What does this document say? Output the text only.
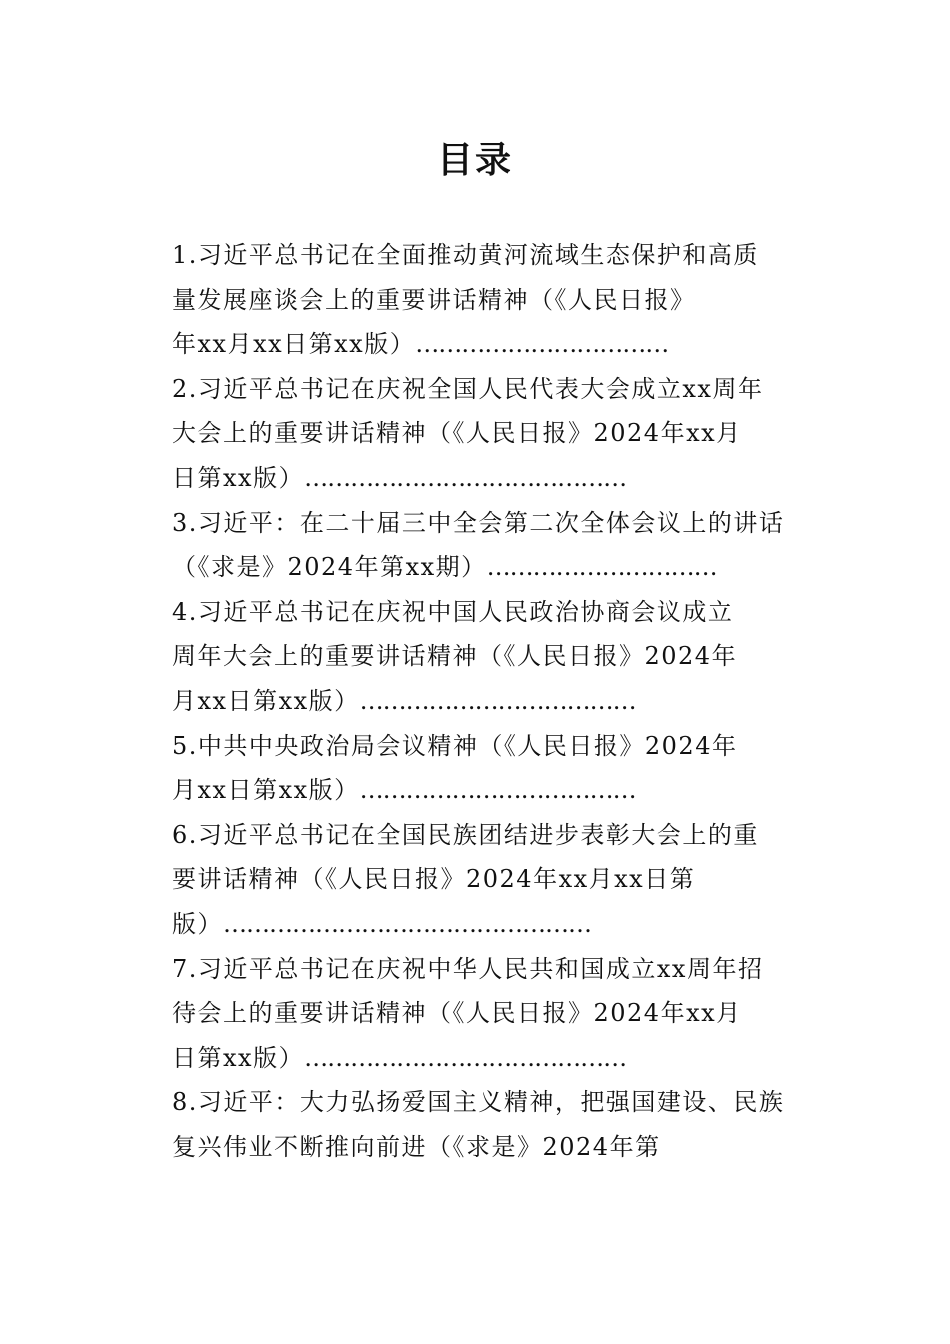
目录
1.习近平总书记在全面推动黄河流域生态保护和高质
量发展座谈会上的重要讲话精神（《人民日报》
年xx月xx日第xx版）……………………………
2.习近平总书记在庆祝全国人民代表大会成立xx周年
大会上的重要讲话精神（《人民日报》2024年xx月
日第xx版）……………………………………
3.习近平：在二十届三中全会第二次全体会议上的讲话
（《求是》2024年第xx期）…………………………
4.习近平总书记在庆祝中国人民政治协商会议成立
周年大会上的重要讲话精神（《人民日报》2024年
月xx日第xx版）………………………………
5.中共中央政治局会议精神（《人民日报》2024年
月xx日第xx版）………………………………
6.习近平总书记在全国民族团结进步表彰大会上的重
要讲话精神（《人民日报》2024年xx月xx日第
版）…………………………………………
7.习近平总书记在庆祝中华人民共和国成立xx周年招
待会上的重要讲话精神（《人民日报》2024年xx月
日第xx版）……………………………………
8.习近平：大力弘扬爱国主义精神，把强国建设、民族
复兴伟业不断推向前进（《求是》2024年第
